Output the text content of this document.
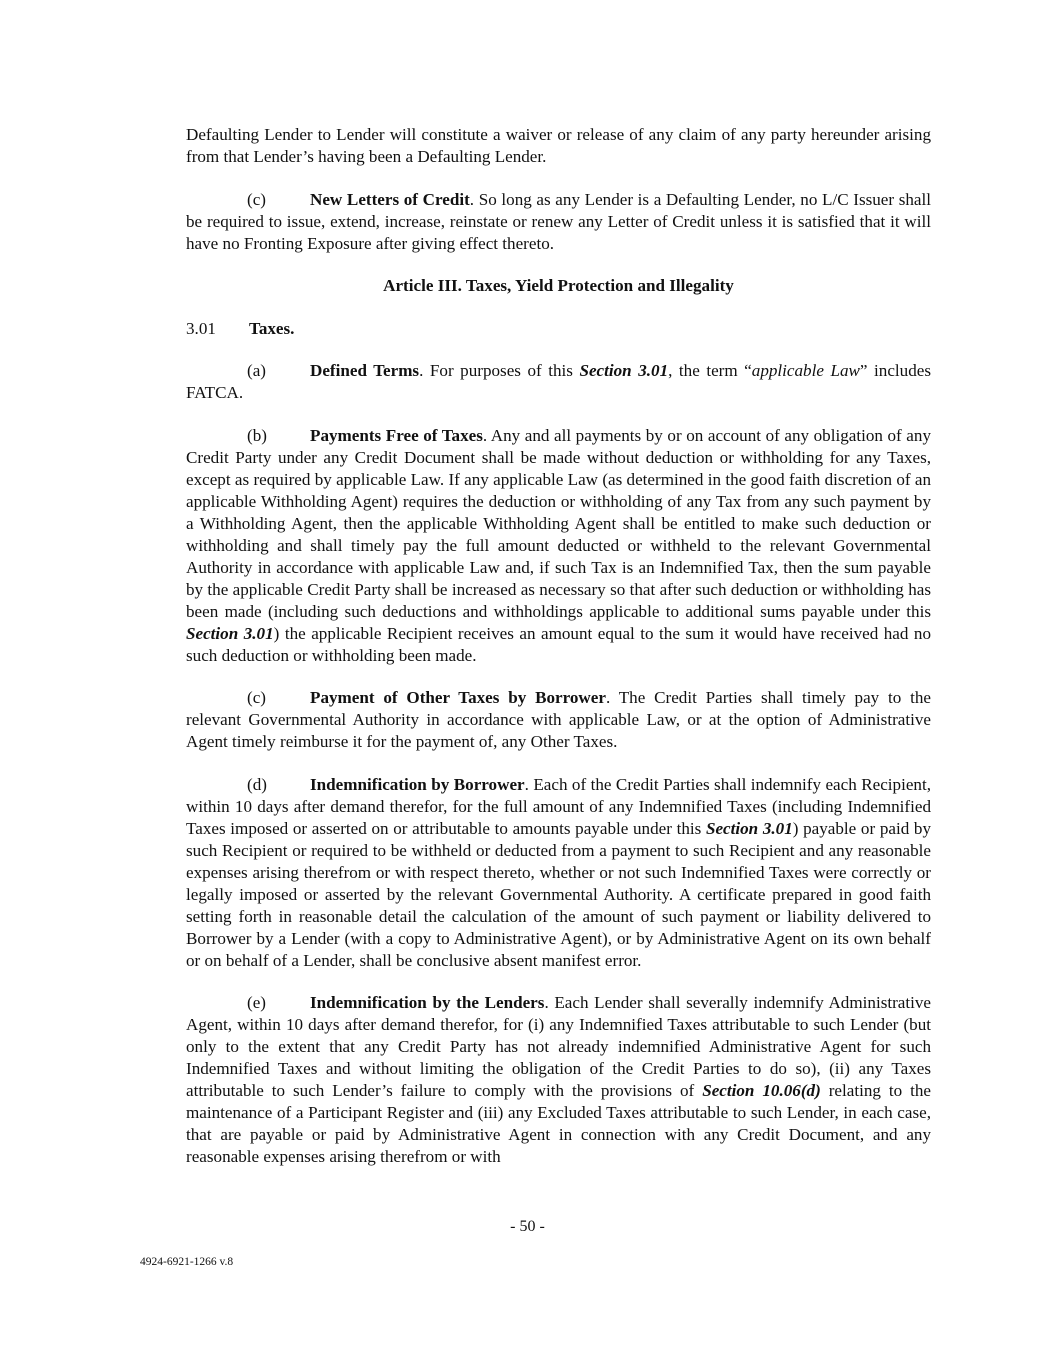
Defaulting Lender to Lender will constitute a waiver or release of any claim of any party hereunder arising from that Lender’s having been a Defaulting Lender.

(c)	New Letters of Credit. So long as any Lender is a Defaulting Lender, no L/C Issuer shall be required to issue, extend, increase, reinstate or renew any Letter of Credit unless it is satisfied that it will have no Fronting Exposure after giving effect thereto.

Article III. Taxes, Yield Protection and Illegality

3.01 Taxes.

(a)	Defined Terms. For purposes of this Section 3.01, the term “applicable Law” includes FATCA.

(b)	Payments Free of Taxes. Any and all payments by or on account of any obligation of any Credit Party under any Credit Document shall be made without deduction or withholding for any Taxes, except as required by applicable Law. If any applicable Law (as determined in the good faith discretion of an applicable Withholding Agent) requires the deduction or withholding of any Tax from any such payment by a Withholding Agent, then the applicable Withholding Agent shall be entitled to make such deduction or withholding and shall timely pay the full amount deducted or withheld to the relevant Governmental Authority in accordance with applicable Law and, if such Tax is an Indemnified Tax, then the sum payable by the applicable Credit Party shall be increased as necessary so that after such deduction or withholding has been made (including such deductions and withholdings applicable to additional sums payable under this Section 3.01) the applicable Recipient receives an amount equal to the sum it would have received had no such deduction or withholding been made.

(c)	Payment of Other Taxes by Borrower. The Credit Parties shall timely pay to the relevant Governmental Authority in accordance with applicable Law, or at the option of Administrative Agent timely reimburse it for the payment of, any Other Taxes.

(d)	Indemnification by Borrower. Each of the Credit Parties shall indemnify each Recipient, within 10 days after demand therefor, for the full amount of any Indemnified Taxes (including Indemnified Taxes imposed or asserted on or attributable to amounts payable under this Section 3.01) payable or paid by such Recipient or required to be withheld or deducted from a payment to such Recipient and any reasonable expenses arising therefrom or with respect thereto, whether or not such Indemnified Taxes were correctly or legally imposed or asserted by the relevant Governmental Authority. A certificate prepared in good faith setting forth in reasonable detail the calculation of the amount of such payment or liability delivered to Borrower by a Lender (with a copy to Administrative Agent), or by Administrative Agent on its own behalf or on behalf of a Lender, shall be conclusive absent manifest error.

(e)	Indemnification by the Lenders. Each Lender shall severally indemnify Administrative Agent, within 10 days after demand therefor, for (i) any Indemnified Taxes attributable to such Lender (but only to the extent that any Credit Party has not already indemnified Administrative Agent for such Indemnified Taxes and without limiting the obligation of the Credit Parties to do so), (ii) any Taxes attributable to such Lender’s failure to comply with the provisions of Section 10.06(d) relating to the maintenance of a Participant Register and (iii) any Excluded Taxes attributable to such Lender, in each case, that are payable or paid by Administrative Agent in connection with any Credit Document, and any reasonable expenses arising therefrom or with

- 50 -
4924-6921-1266 v.8
